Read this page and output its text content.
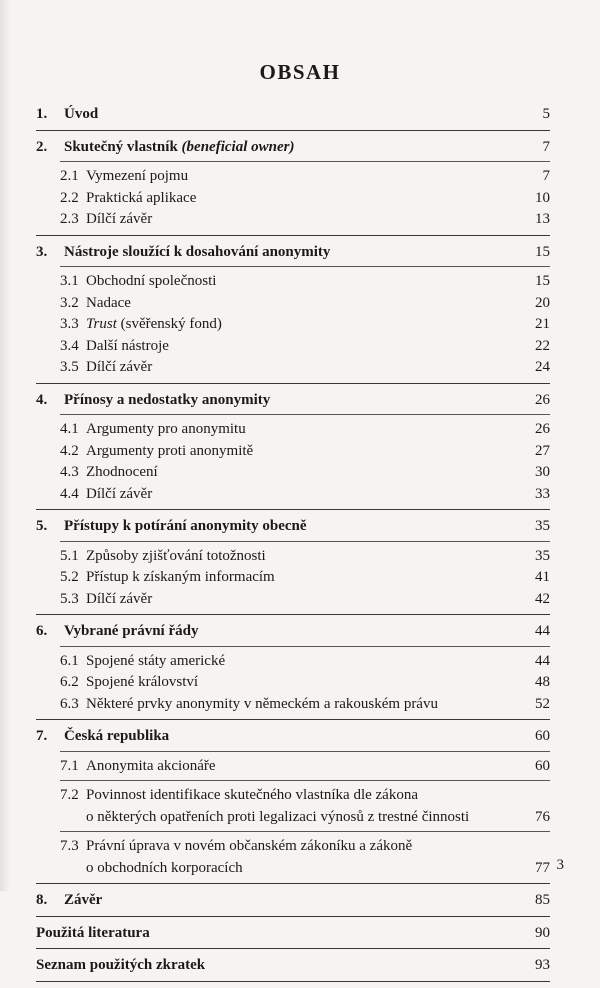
OBSAH
1. Úvod	5
2. Skutečný vlastník (beneficial owner)	7
2.1 Vymezení pojmu	7
2.2 Praktická aplikace	10
2.3 Dílčí závěr	13
3. Nástroje sloužící k dosahování anonymity	15
3.1 Obchodní společnosti	15
3.2 Nadace	20
3.3 Trust (svěřenský fond)	21
3.4 Další nástroje	22
3.5 Dílčí závěr	24
4. Přínosy a nedostatky anonymity	26
4.1 Argumenty pro anonymitu	26
4.2 Argumenty proti anonymitě	27
4.3 Zhodnocení	30
4.4 Dílčí závěr	33
5. Přístupy k potírání anonymity obecně	35
5.1 Způsoby zjišťování totožnosti	35
5.2 Přístup k získaným informacím	41
5.3 Dílčí závěr	42
6. Vybrané právní řády	44
6.1 Spojené státy americké	44
6.2 Spojené království	48
6.3 Některé prvky anonymity v německém a rakouském právu	52
7. Česká republika	60
7.1 Anonymita akcionáře	60
7.2 Povinnost identifikace skutečného vlastníka dle zákona
o některých opatřeních proti legalizaci výnosů z trestné činnosti	76
7.3 Právní úprava v novém občanském zákoníku a zákoně
o obchodních korporacích	77
8. Závěr	85
Použitá literatura	90
Seznam použitých zkratek	93
3
